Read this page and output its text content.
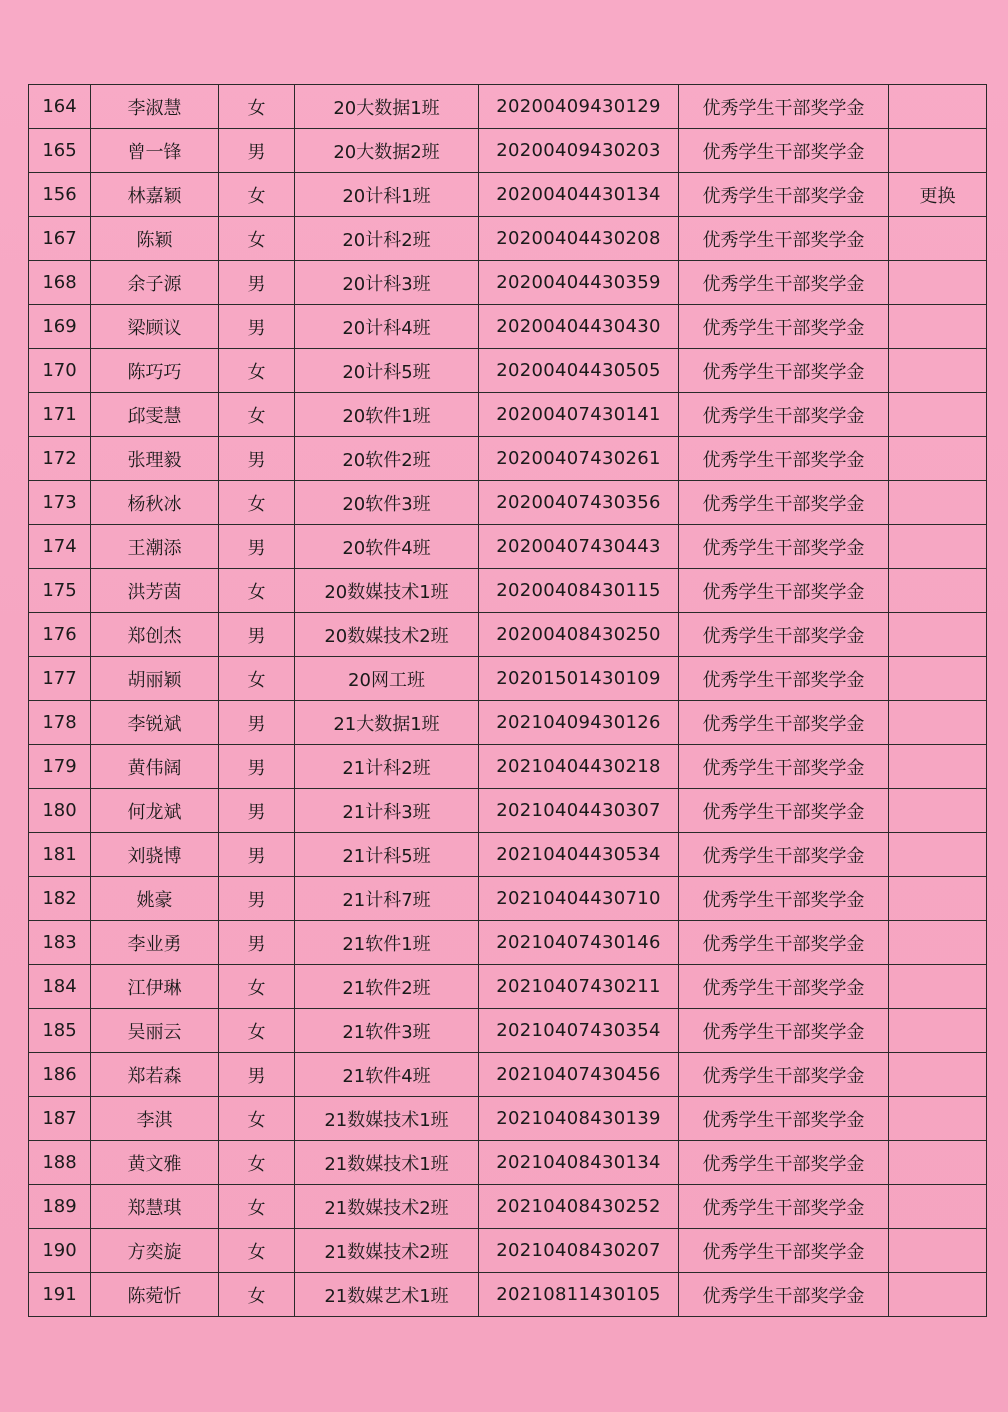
164	李淑慧	女	20大数据1班	20200409430129	优秀学生干部奖学金	
165	曾一锋	男	20大数据2班	20200409430203	优秀学生干部奖学金	
156	林嘉颖	女	20计科1班	20200404430134	优秀学生干部奖学金	更换
167	陈颖	女	20计科2班	20200404430208	优秀学生干部奖学金	
168	余子源	男	20计科3班	20200404430359	优秀学生干部奖学金	
169	梁顾议	男	20计科4班	20200404430430	优秀学生干部奖学金	
170	陈巧巧	女	20计科5班	20200404430505	优秀学生干部奖学金	
171	邱雯慧	女	20软件1班	20200407430141	优秀学生干部奖学金	
172	张理毅	男	20软件2班	20200407430261	优秀学生干部奖学金	
173	杨秋冰	女	20软件3班	20200407430356	优秀学生干部奖学金	
174	王潮添	男	20软件4班	20200407430443	优秀学生干部奖学金	
175	洪芳茵	女	20数媒技术1班	20200408430115	优秀学生干部奖学金	
176	郑创杰	男	20数媒技术2班	20200408430250	优秀学生干部奖学金	
177	胡丽颖	女	20网工班	20201501430109	优秀学生干部奖学金	
178	李锐斌	男	21大数据1班	20210409430126	优秀学生干部奖学金	
179	黄伟阔	男	21计科2班	20210404430218	优秀学生干部奖学金	
180	何龙斌	男	21计科3班	20210404430307	优秀学生干部奖学金	
181	刘骁博	男	21计科5班	20210404430534	优秀学生干部奖学金	
182	姚豪	男	21计科7班	20210404430710	优秀学生干部奖学金	
183	李业勇	男	21软件1班	20210407430146	优秀学生干部奖学金	
184	江伊琳	女	21软件2班	20210407430211	优秀学生干部奖学金	
185	吴丽云	女	21软件3班	20210407430354	优秀学生干部奖学金	
186	郑若森	男	21软件4班	20210407430456	优秀学生干部奖学金	
187	李淇	女	21数媒技术1班	20210408430139	优秀学生干部奖学金	
188	黄文雅	女	21数媒技术1班	20210408430134	优秀学生干部奖学金	
189	郑慧琪	女	21数媒技术2班	20210408430252	优秀学生干部奖学金	
190	方奕旋	女	21数媒技术2班	20210408430207	优秀学生干部奖学金	
191	陈菀忻	女	21数媒艺术1班	20210811430105	优秀学生干部奖学金	
